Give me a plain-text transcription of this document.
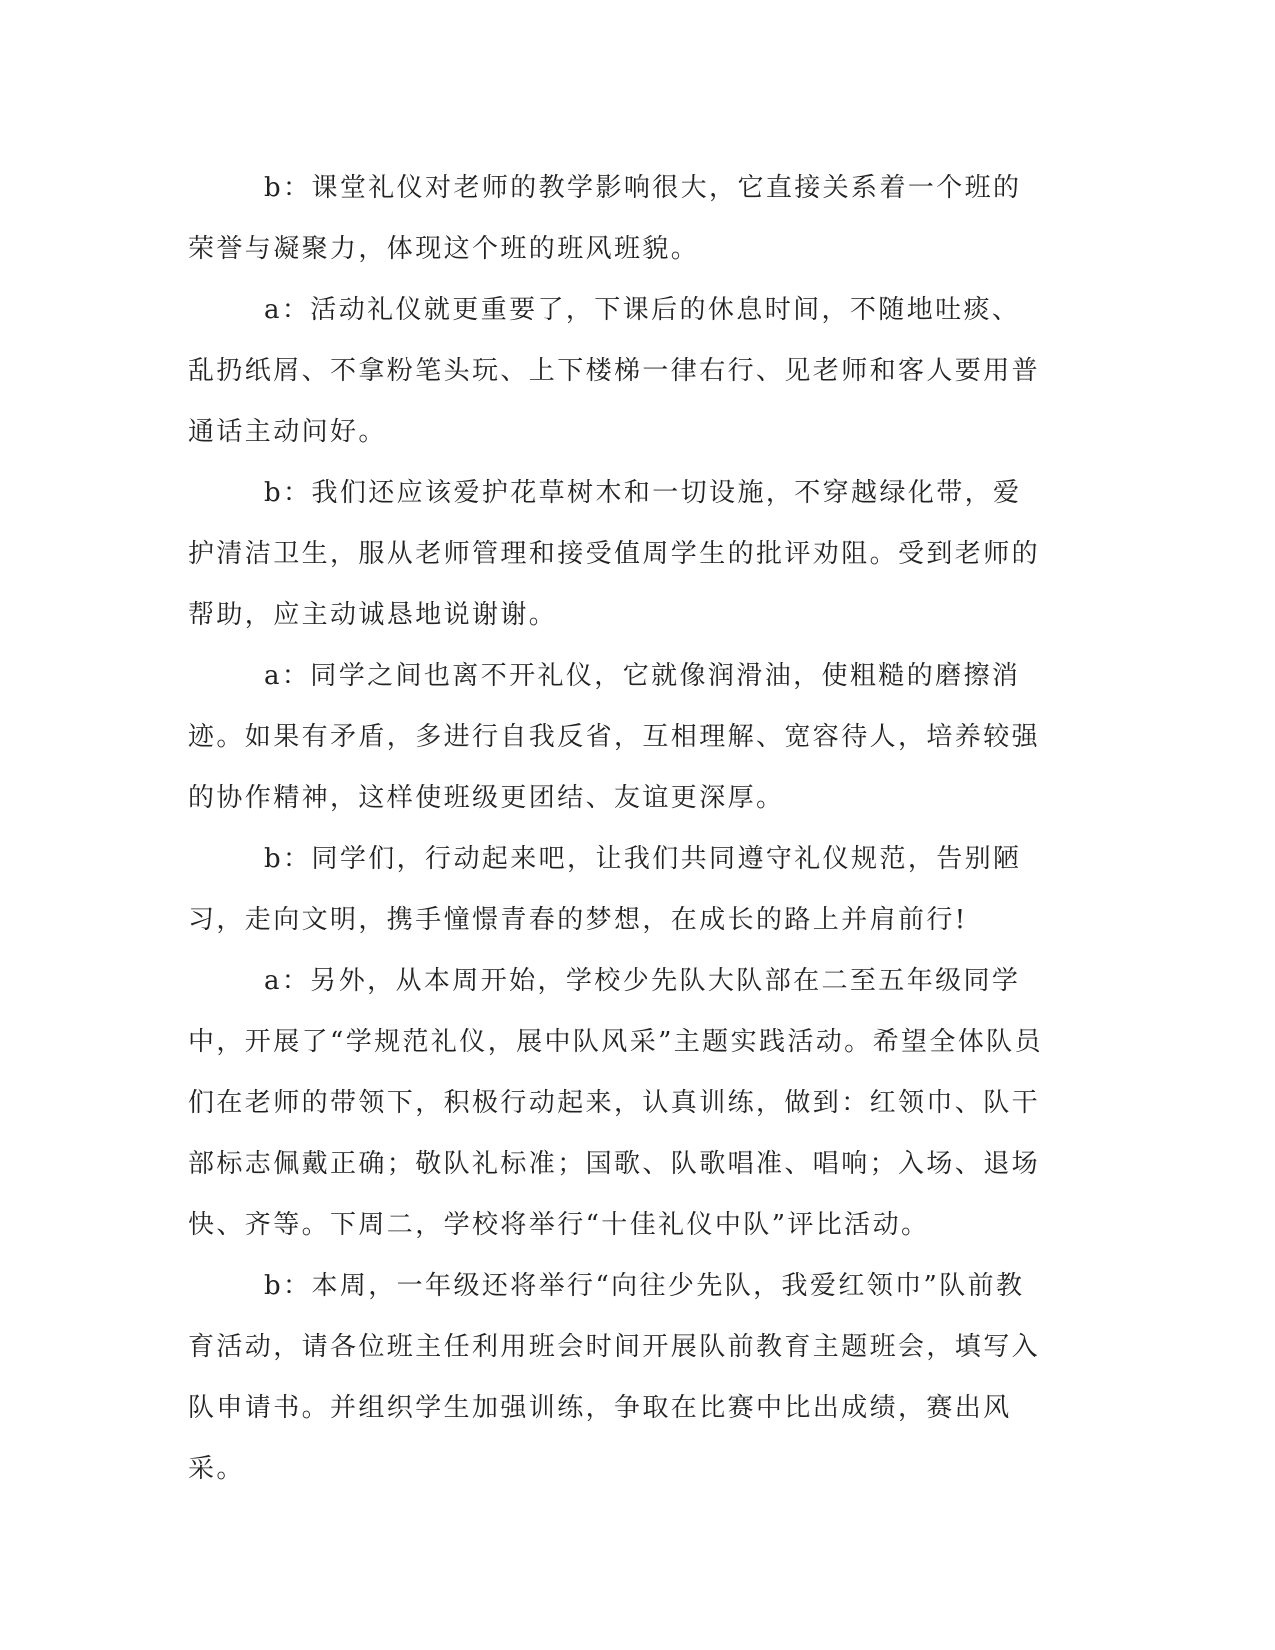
b：课堂礼仪对老师的教学影响很大，它直接关系着一个班的荣誉与凝聚力，体现这个班的班风班貌。

a：活动礼仪就更重要了，下课后的休息时间，不随地吐痰、乱扔纸屑、不拿粉笔头玩、上下楼梯一律右行、见老师和客人要用普通话主动问好。

b：我们还应该爱护花草树木和一切设施，不穿越绿化带，爱护清洁卫生，服从老师管理和接受值周学生的批评劝阻。受到老师的帮助，应主动诚恳地说谢谢。

a：同学之间也离不开礼仪，它就像润滑油，使粗糙的磨擦消迹。如果有矛盾，多进行自我反省，互相理解、宽容待人，培养较强的协作精神，这样使班级更团结、友谊更深厚。

b：同学们，行动起来吧，让我们共同遵守礼仪规范，告别陋习，走向文明，携手憧憬青春的梦想，在成长的路上并肩前行!

a：另外，从本周开始，学校少先队大队部在二至五年级同学中，开展了“学规范礼仪，展中队风采”主题实践活动。希望全体队员们在老师的带领下，积极行动起来，认真训练，做到：红领巾、队干部标志佩戴正确；敬队礼标准；国歌、队歌唱准、唱响；入场、退场快、齐等。下周二，学校将举行“十佳礼仪中队”评比活动。

b：本周，一年级还将举行“向往少先队，我爱红领巾”队前教育活动，请各位班主任利用班会时间开展队前教育主题班会，填写入队申请书。并组织学生加强训练，争取在比赛中比出成绩，赛出风采。
